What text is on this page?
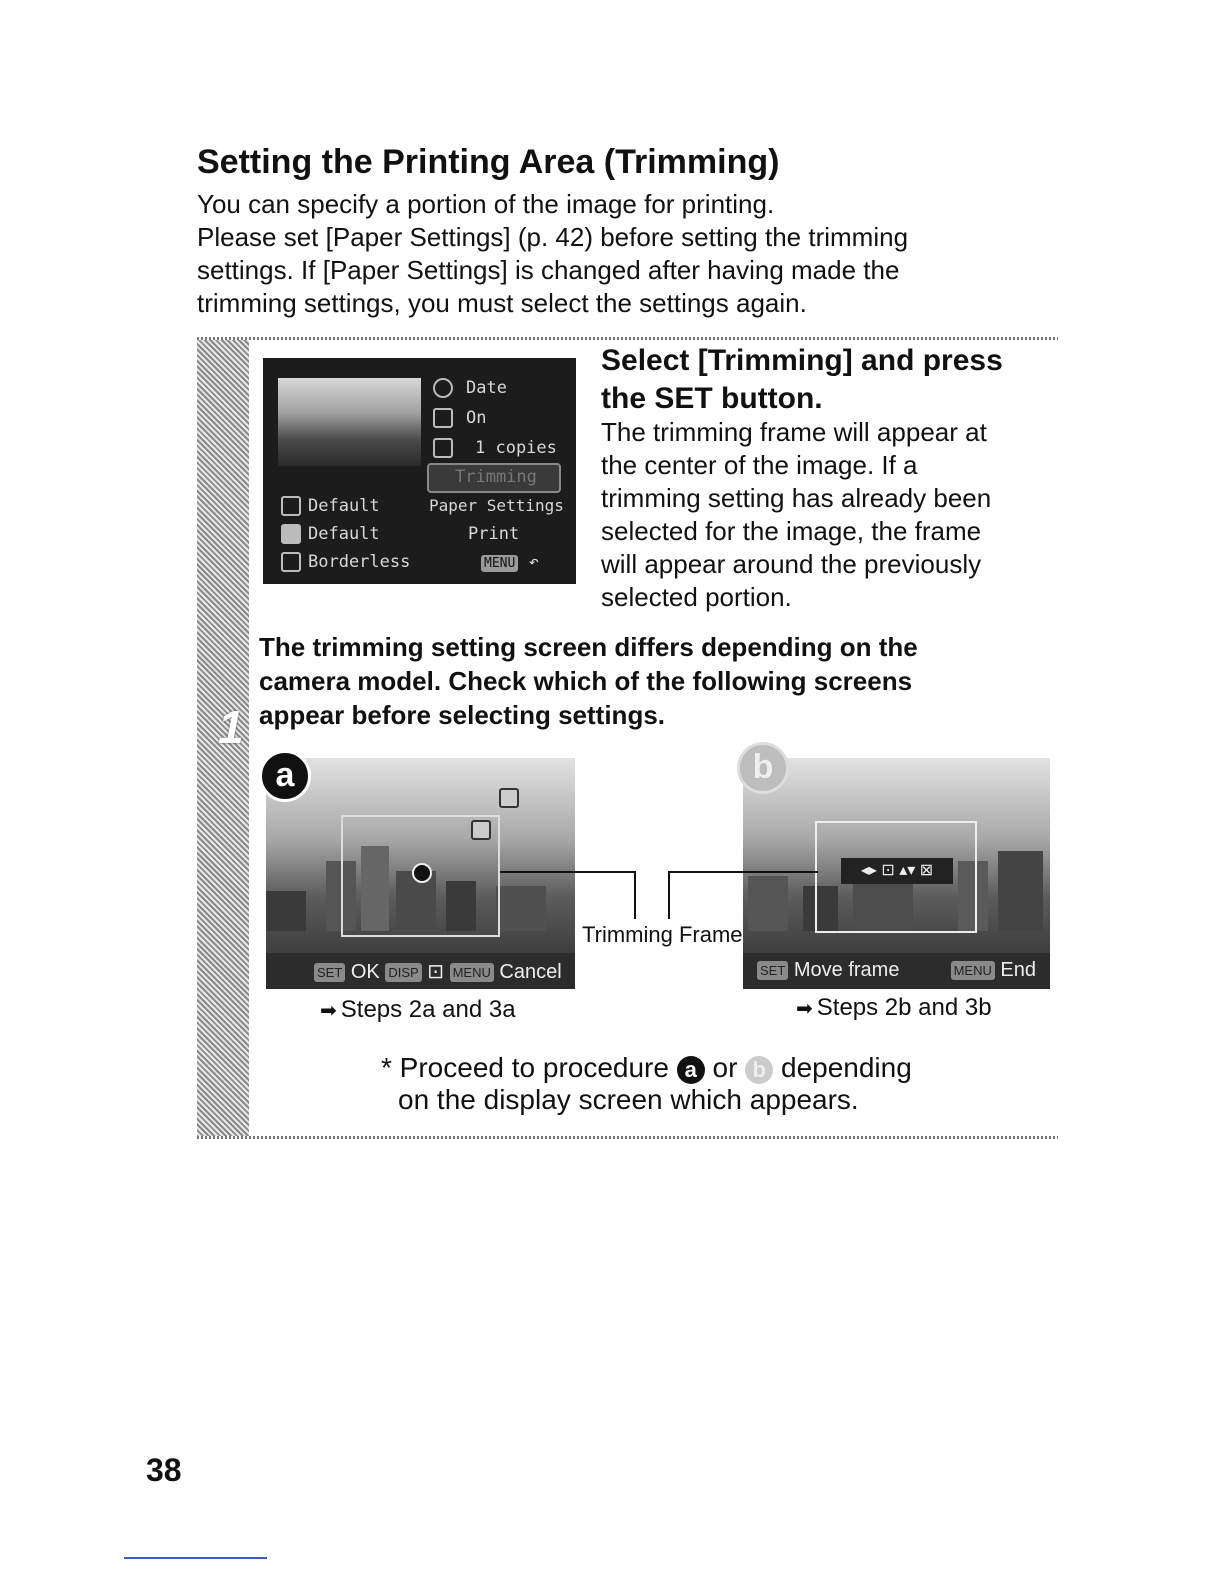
Setting the Printing Area (Trimming)

You can specify a portion of the image for printing.

Please set [Paper Settings] (p. 42) before setting the trimming

settings. If [Paper Settings] is changed after having made the

trimming settings, you must select the settings again.

1
Date
On
1 copies
Trimming
Default	Paper Settings
Default	Print
Borderless	MENU ↶
Select [Trimming] and press
the SET button.

The trimming frame will appear at
the center of the image. If a
trimming setting has already been
selected for the image, the frame
will appear around the previously
selected portion.

The trimming setting screen differs depending on the
camera model. Check which of the following screens
appear before selecting settings.

SET OK DISP ⊡ MENU Cancel
a
◂▸ ⊡ ▴▾ ⊠
SET Move frame	MENU End
b
Trimming Frame
➡ Steps 2a and 3a	➡ Steps 2b and 3b

* Proceed to procedure a or b depending

on the display screen which appears.

38
